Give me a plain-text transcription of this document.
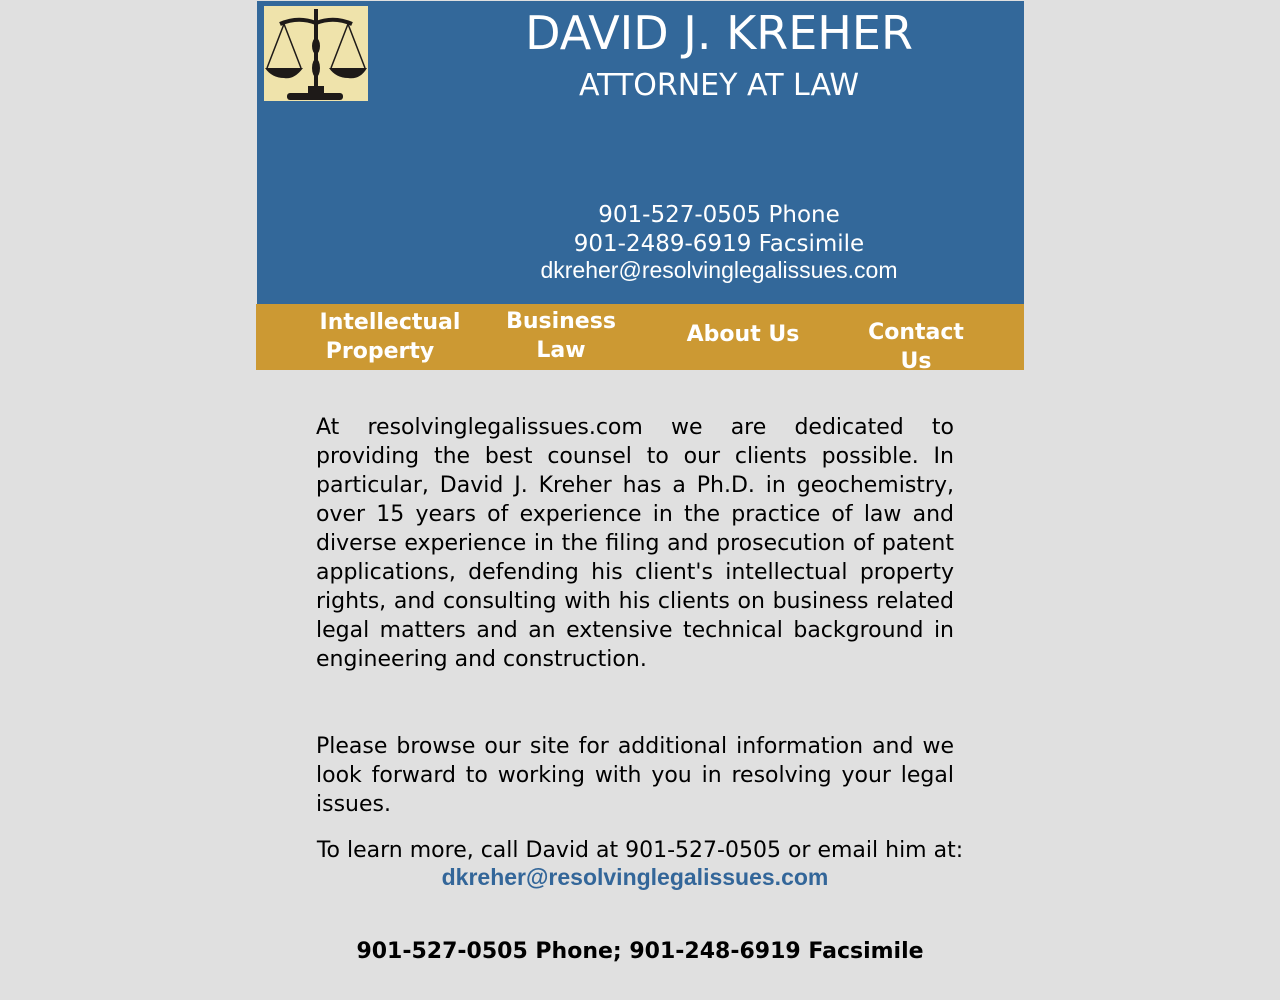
DAVID J. KREHER
ATTORNEY AT LAW
901-527-0505 Phone
901-2489-6919 Facsimile
dkreher@resolvinglegalissues.com
Intellectual
Property
Business
Law
About Us	Contact
Us

At resolvinglegalissues.com we are dedicated to providing the best counsel to our clients possible. In particular, David J. Kreher has a Ph.D. in geochemistry, over 15 years of experience in the practice of law and diverse experience in the filing and prosecution of patent applications, defending his client's intellectual property rights, and consulting with his clients on business related legal matters and an extensive technical background in engineering and construction.

Please browse our site for additional information and we look forward to working with you in resolving your legal issues.

To learn more, call David at 901-527-0505 or email him at:
dkreher@resolvinglegalissues.com
901-527-0505 Phone; 901-248-6919 Facsimile
